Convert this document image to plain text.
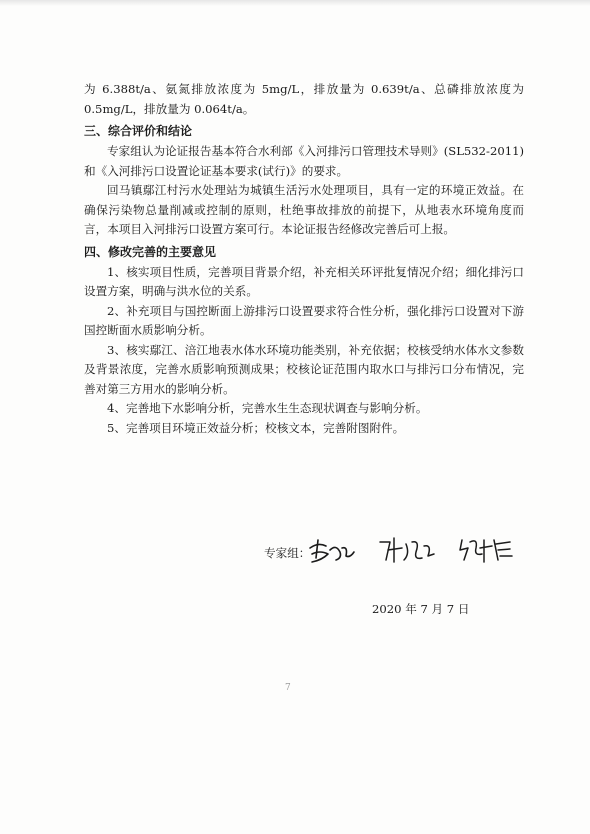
为 6.388t/a、氨氮排放浓度为 5mg/L，排放量为 0.639t/a、总磷排放浓度为 0.5mg/L，排放量为 0.064t/a。

三、综合评价和结论

专家组认为论证报告基本符合水利部《入河排污口管理技术导则》(SL532-2011)和《入河排污口设置论证基本要求(试行)》的要求。

回马镇鄢江村污水处理站为城镇生活污水处理项目，具有一定的环境正效益。在确保污染物总量削减或控制的原则，杜绝事故排放的前提下，从地表水环境角度而言，本项目入河排污口设置方案可行。本论证报告经修改完善后可上报。

四、修改完善的主要意见

1、核实项目性质，完善项目背景介绍，补充相关环评批复情况介绍；细化排污口设置方案，明确与洪水位的关系。

2、补充项目与国控断面上游排污口设置要求符合性分析，强化排污口设置对下游国控断面水质影响分析。

3、核实鄢江、涪江地表水体水环境功能类别，补充依据；校核受纳水体水文参数及背景浓度，完善水质影响预测成果；校核论证范围内取水口与排污口分布情况，完善对第三方用水的影响分析。

4、完善地下水影响分析，完善水生生态现状调查与影响分析。

5、完善项目环境正效益分析；校核文本，完善附图附件。

专家组：
2020 年 7 月 7 日
7
